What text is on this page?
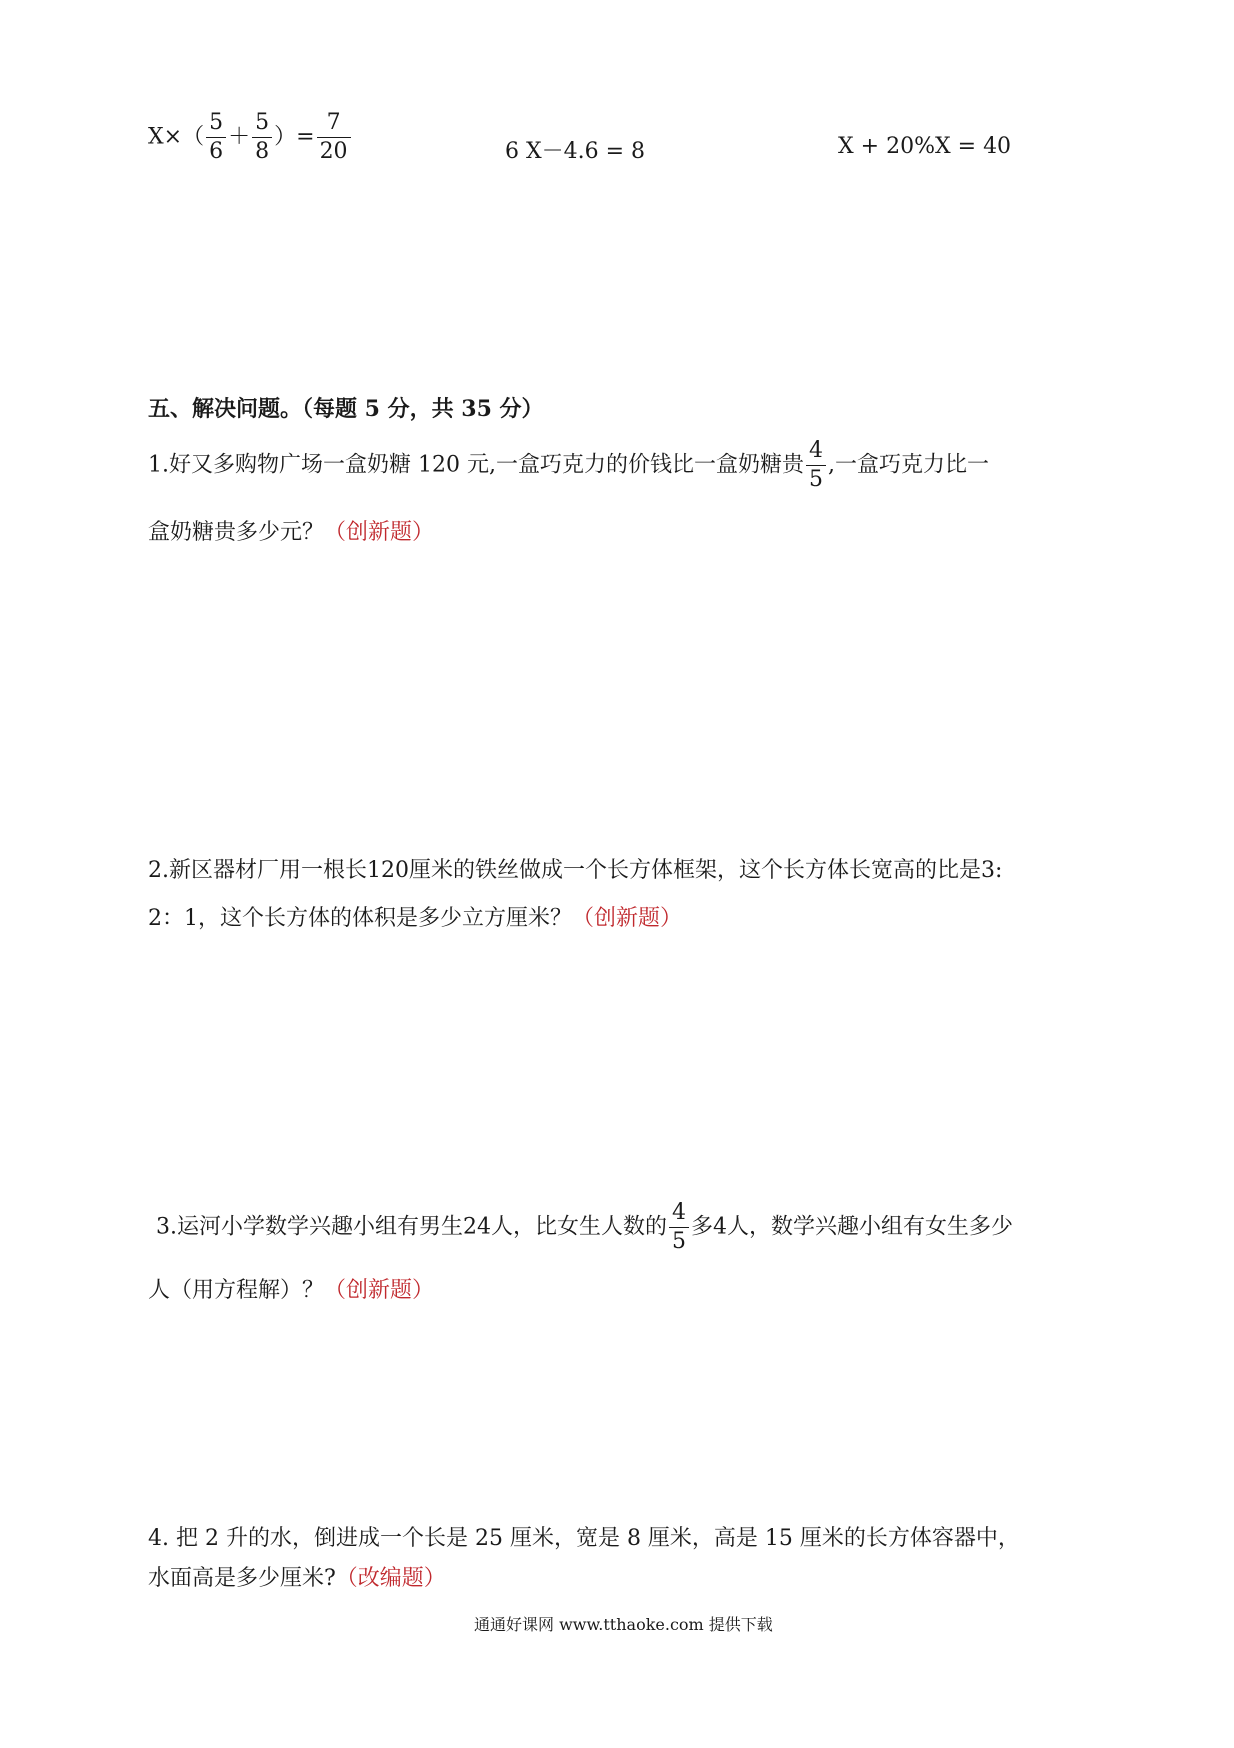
$X\times( \frac{5}{6} + \frac{5}{8}$ ）= $\frac{7}{20}$	6 X－4.6 = 8	X + 20%X = 40
五、解决问题。（每题 5 分，共 35 分）
1.好又多购物广场一盒奶糖 120 元,一盒巧克力的价钱比一盒奶糖贵 $\frac{4}{5}$ ,一盒巧克力比一
盒奶糖贵多少元？（创新题）
2.新区器材厂用一根长120厘米的铁丝做成一个长方体框架，这个长方体长宽高的比是3:
2：1，这个长方体的体积是多少立方厘米？（创新题）
3.运河小学数学兴趣小组有男生24人，比女生人数的 $\frac{4}{5}$ 多4人，数学兴趣小组有女生多少
人（用方程解）？（创新题）
4. 把 2 升的水，倒进成一个长是 25 厘米，宽是 8 厘米，高是 15 厘米的长方体容器中，
水面高是多少厘米?（改编题）
通通好课网 www.tthaoke.com 提供下载
